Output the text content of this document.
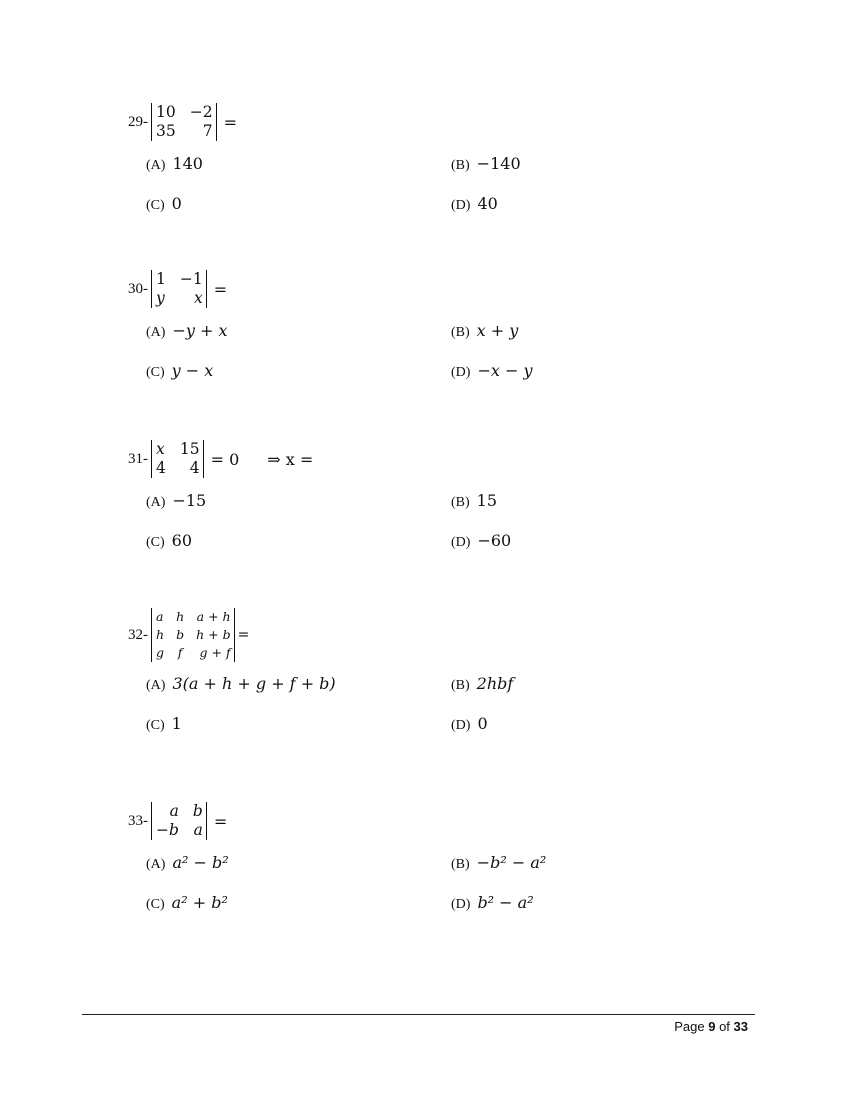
29-
10 −2
35	7 =
(A) 140	(B) −140
(C) 0	(D) 40
30-
1 −1
y	x =
(A) −y + x	(B) x + y
(C) y − x	(D) −x − y
31-
x 15
4	4 = 0 ⇒ x =
(A) −15	(B) 15
(C) 60	(D) −60
32-
a h a + h
h b h + b
g f g + f
=
(A) 3(a + h + g + f + b)	(B) 2hbf
(C) 1	(D) 0
33-
a b
−b a =
(A) a² − b²	(B) −b² − a²
(C) a² + b²	(D) b² − a²
Page 9 of 33
